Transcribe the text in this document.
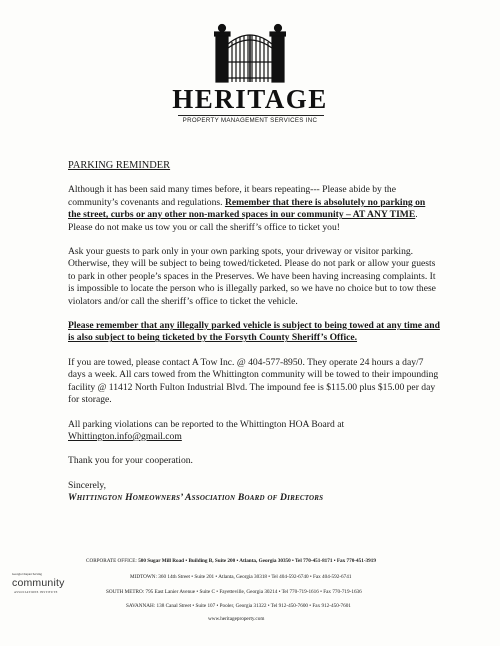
HERITAGE
PROPERTY MANAGEMENT SERVICES INC
PARKING REMINDER

Although it has been said many times before, it bears repeating--- Please abide by the community’s covenants and regulations. Remember that there is absolutely no parking on the street, curbs or any other non-marked spaces in our community – AT ANY TIME. Please do not make us tow you or call the sheriff’s office to ticket you!

Ask your guests to park only in your own parking spots, your driveway or visitor parking. Otherwise, they will be subject to being towed/ticketed. Please do not park or allow your guests to park in other people’s spaces in the Preserves. We have been having increasing complaints. It is impossible to locate the person who is illegally parked, so we have no choice but to tow these violators and/or call the sheriff’s office to ticket the vehicle.

Please remember that any illegally parked vehicle is subject to being towed at any time and is also subject to being ticketed by the Forsyth County Sheriff’s Office.

If you are towed, please contact A Tow Inc. @ 404-577-8950. They operate 24 hours a day/7 days a week. All cars towed from the Whittington community will be towed to their impounding facility @ 11412 North Fulton Industrial Blvd. The impound fee is $115.00 plus $15.00 per day for storage.

All parking violations can be reported to the Whittington HOA Board at
Whittington.info@gmail.com

Thank you for your cooperation.

Sincerely,

Whittington Homeowners’ Association Board of Directors

Georgia Chapter Serving
community
ASSOCIATIONS INSTITUTE
CORPORATE OFFICE: 500 Sugar Mill Road • Building B, Suite 200 • Atlanta, Georgia 30350 • Tel 770-451-8171 • Fax 770-451-3919
MIDTOWN: 360 14th Street • Suite 201 • Atlanta, Georgia 30318 • Tel 404-592-6740 • Fax 404-592-6741
SOUTH METRO: 795 East Lanier Avenue • Suite C • Fayetteville, Georgia 30214 • Tel 770-719-1616 • Fax 770-719-1636
SAVANNAH: 138 Canal Street • Suite 107 • Pooler, Georgia 31322 • Tel 912-450-7600 • Fax 912-450-7601
www.heritageproperty.com
